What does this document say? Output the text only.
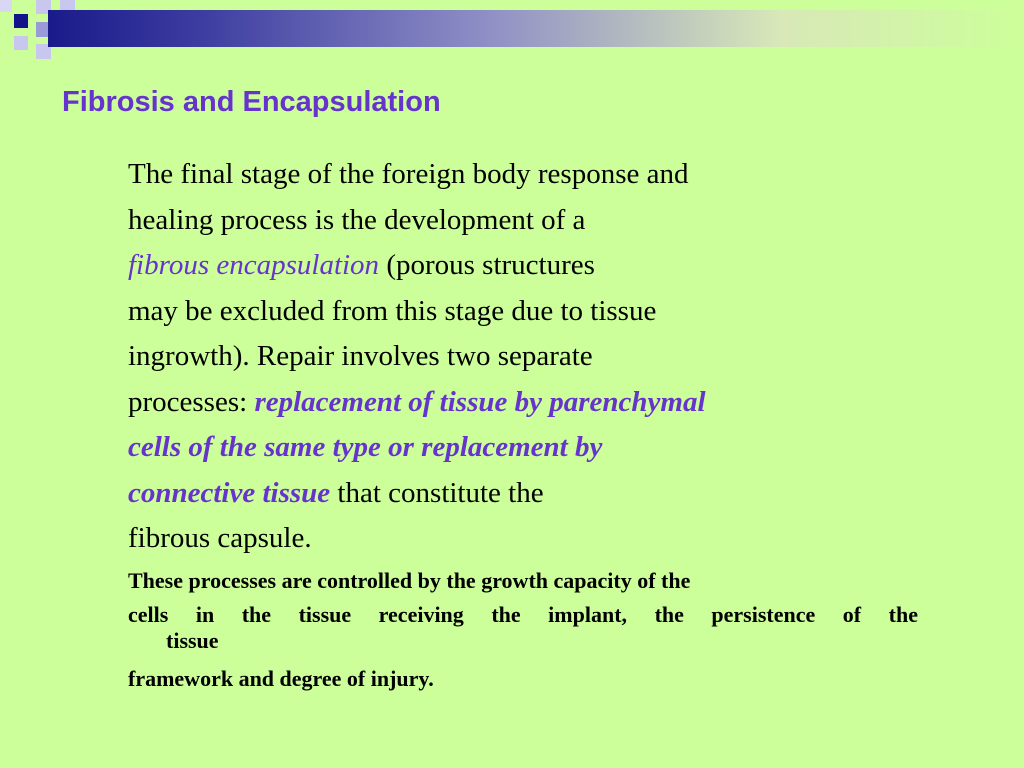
Fibrosis and Encapsulation
The final stage of the foreign body response and
healing process is the development of a
fibrous encapsulation (porous structures
may be excluded from this stage due to tissue
ingrowth). Repair involves two separate
processes: replacement of tissue by parenchymal
cells of the same type or replacement by
connective tissue that constitute the
fibrous capsule.

These processes are controlled by the growth capacity of the

cells in the tissue receiving the implant, the persistence of the

tissue

framework and degree of injury.
